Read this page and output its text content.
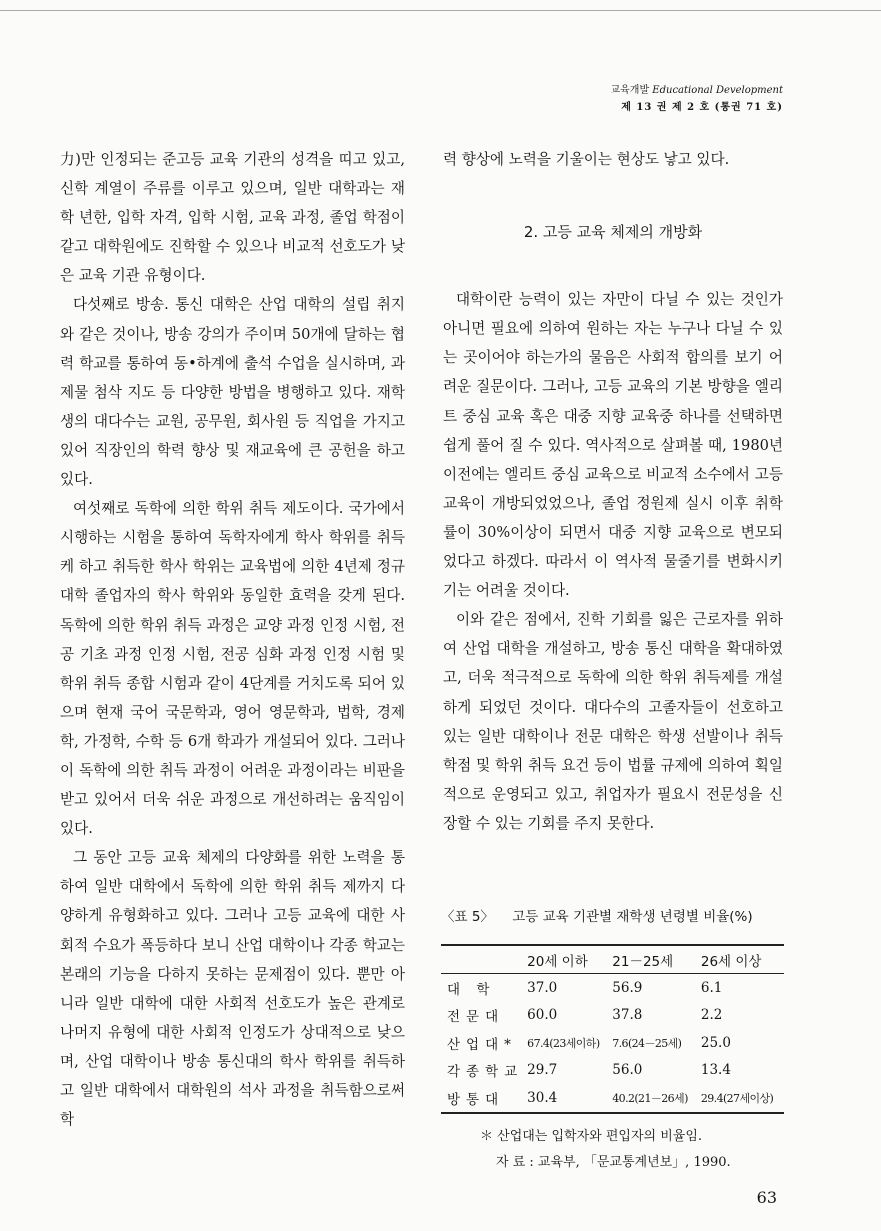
교육개발 Educational Development
제 13 권 제 2 호 (통권 71 호)

力)만 인정되는 준고등 교육 기관의 성격을 띠고 있고, 신학 계열이 주류를 이루고 있으며, 일반 대학과는 재학 년한, 입학 자격, 입학 시험, 교육 과정, 졸업 학점이 같고 대학원에도 진학할 수 있으나 비교적 선호도가 낮은 교육 기관 유형이다.

다섯째로 방송. 통신 대학은 산업 대학의 설립 취지와 같은 것이나, 방송 강의가 주이며 50개에 달하는 협력 학교를 통하여 동•하계에 출석 수업을 실시하며, 과제물 첨삭 지도 등 다양한 방법을 병행하고 있다. 재학생의 대다수는 교원, 공무원, 회사원 등 직업을 가지고 있어 직장인의 학력 향상 및 재교육에 큰 공헌을 하고 있다.

여섯째로 독학에 의한 학위 취득 제도이다. 국가에서 시행하는 시험을 통하여 독학자에게 학사 학위를 취득케 하고 취득한 학사 학위는 교육법에 의한 4년제 정규 대학 졸업자의 학사 학위와 동일한 효력을 갖게 된다. 독학에 의한 학위 취득 과정은 교양 과정 인정 시험, 전공 기초 과정 인정 시험, 전공 심화 과정 인정 시험 및 학위 취득 종합 시험과 같이 4단계를 거치도록 되어 있으며 현재 국어 국문학과, 영어 영문학과, 법학, 경제학, 가정학, 수학 등 6개 학과가 개설되어 있다. 그러나 이 독학에 의한 취득 과정이 어려운 과정이라는 비판을 받고 있어서 더욱 쉬운 과정으로 개선하려는 움직임이 있다.

그 동안 고등 교육 체제의 다양화를 위한 노력을 통하여 일반 대학에서 독학에 의한 학위 취득 제까지 다양하게 유형화하고 있다. 그러나 고등 교육에 대한 사회적 수요가 폭등하다 보니 산업 대학이나 각종 학교는 본래의 기능을 다하지 못하는 문제점이 있다. 뿐만 아니라 일반 대학에 대한 사회적 선호도가 높은 관계로 나머지 유형에 대한 사회적 인정도가 상대적으로 낮으며, 산업 대학이나 방송 통신대의 학사 학위를 취득하고 일반 대학에서 대학원의 석사 과정을 취득함으로써 학

력 향상에 노력을 기울이는 현상도 낳고 있다.

2. 고등 교육 체제의 개방화

대학이란 능력이 있는 자만이 다닐 수 있는 것인가 아니면 필요에 의하여 원하는 자는 누구나 다닐 수 있는 곳이어야 하는가의 물음은 사회적 합의를 보기 어려운 질문이다. 그러나, 고등 교육의 기본 방향을 엘리트 중심 교육 혹은 대중 지향 교육중 하나를 선택하면 쉽게 풀어 질 수 있다. 역사적으로 살펴볼 때, 1980년 이전에는 엘리트 중심 교육으로 비교적 소수에서 고등 교육이 개방되었었으나, 졸업 정원제 실시 이후 취학률이 30%이상이 되면서 대중 지향 교육으로 변모되었다고 하겠다. 따라서 이 역사적 물줄기를 변화시키기는 어려울 것이다.

이와 같은 점에서, 진학 기회를 잃은 근로자를 위하여 산업 대학을 개설하고, 방송 통신 대학을 확대하였고, 더욱 적극적으로 독학에 의한 학위 취득제를 개설하게 되었던 것이다. 대다수의 고졸자들이 선호하고 있는 일반 대학이나 전문 대학은 학생 선발이나 취득 학점 및 학위 취득 요건 등이 법률 규제에 의하여 획일적으로 운영되고 있고, 취업자가 필요시 전문성을 신장할 수 있는 기회를 주지 못한다.

〈표 5〉 고등 교육 기관별 재학생 년령별 비율(%)
	20세 이하	21－25세	26세 이상
대 학	37.0	56.9	6.1
전문대	60.0	37.8	2.2
산업대*	67.4(23세이하)	7.6(24－25세)	25.0
각종학교	29.7	56.0	13.4
방통대	30.4	40.2(21－26세)	29.4(27세이상)
＊ 산업대는 입학자와 편입자의 비율임.
자 료 : 교육부, 「문교통계년보」, 1990.
63
